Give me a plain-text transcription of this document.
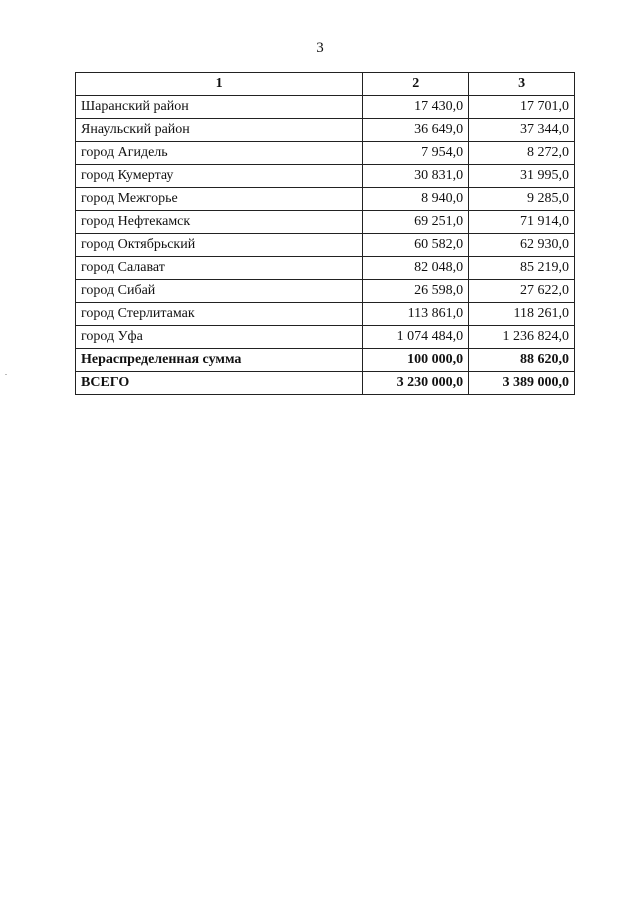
3
1	2	3
Шаранский район	17 430,0	17 701,0
Янаульский район	36 649,0	37 344,0
город Агидель	7 954,0	8 272,0
город Кумертау	30 831,0	31 995,0
город Межгорье	8 940,0	9 285,0
город Нефтекамск	69 251,0	71 914,0
город Октябрьский	60 582,0	62 930,0
город Салават	82 048,0	85 219,0
город Сибай	26 598,0	27 622,0
город Стерлитамак	113 861,0	118 261,0
город Уфа	1 074 484,0	1 236 824,0
Нераспределенная сумма	100 000,0	88 620,0
ВСЕГО	3 230 000,0	3 389 000,0
